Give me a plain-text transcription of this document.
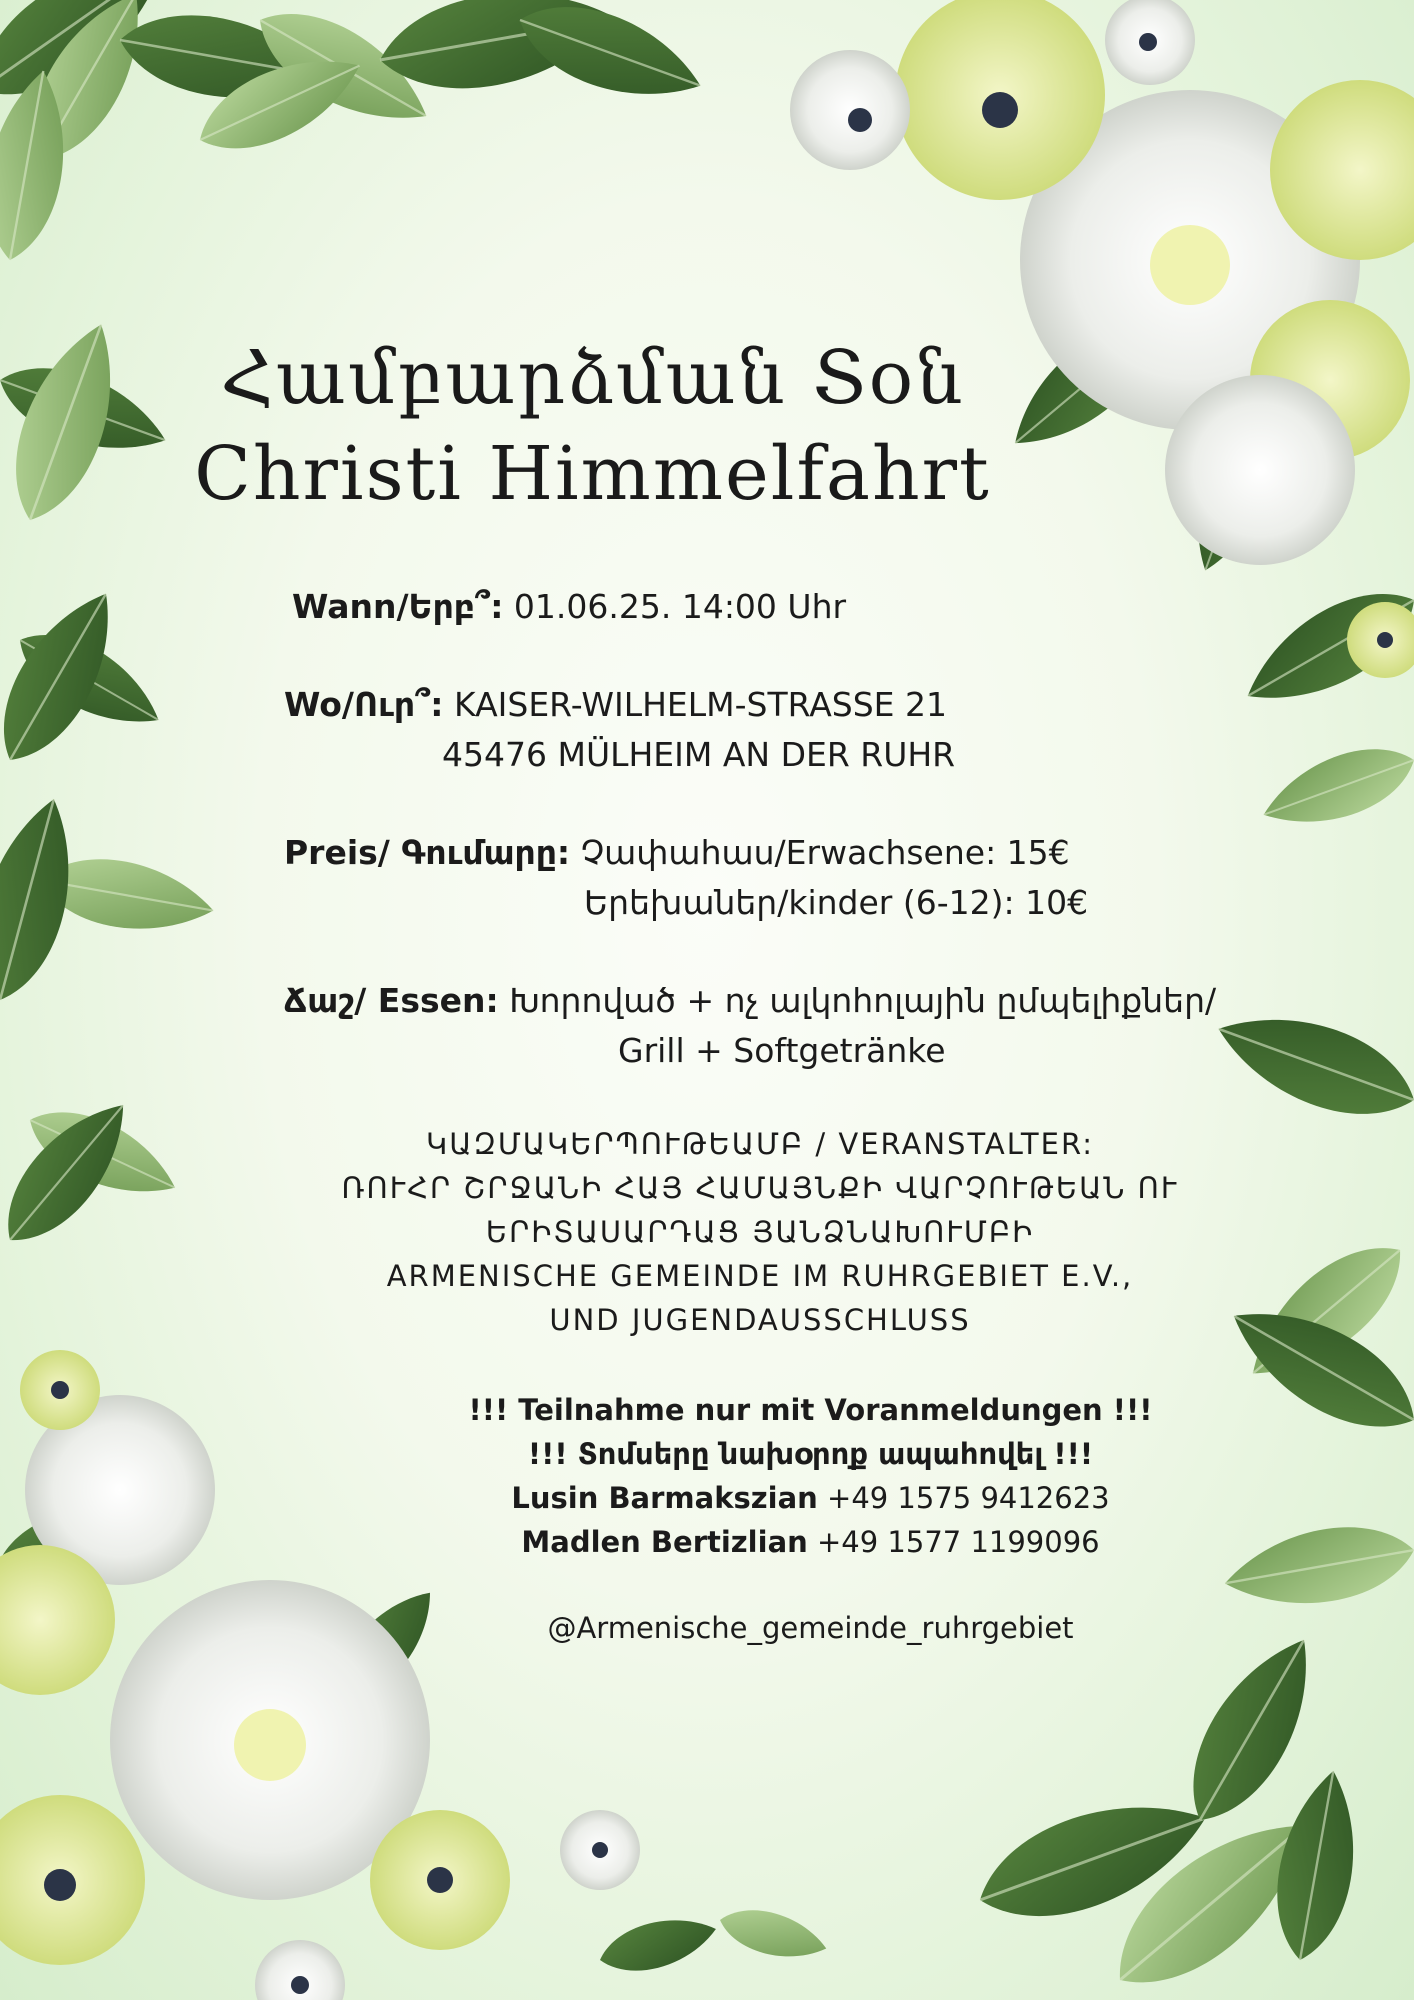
Համբարձման Տօն
Christi Himmelfahrt
Wann/Երբ՞: 01.06.25. 14:00 Uhr
Wo/Ուր՞: KAISER-WILHELM-STRASSE 21
45476 MÜLHEIM AN DER RUHR
Preis/ Գումարը: Չափահաս/Erwachsene: 15€
Երեխաներ/kinder (6-12): 10€
Ճաշ/ Essen: Խորոված + ոչ ալկոհոլային ըմպելիքներ/
Grill + Softgetränke
ԿԱԶՄԱԿԵՐՊՈՒԹԵԱՄԲ / VERANSTALTER:
ՌՈՒՀՐ ՇՐՋԱՆԻ ՀԱՅ ՀԱՄԱՅՆՔԻ ՎԱՐՉՈՒԹԵԱՆ ՈՒ
ԵՐԻՏԱՍԱՐԴԱՑ ՅԱՆՁՆԱԽՈՒՄԲԻ
ARMENISCHE GEMEINDE IM RUHRGEBIET E.V.,
UND JUGENDAUSSCHLUSS
!!! Teilnahme nur mit Voranmeldungen !!!
!!! Տոմսերը նախօրոք ապահովել !!!
Lusin Barmakszian +49 1575 9412623
Madlen Bertizlian +49 1577 1199096
@Armenische_gemeinde_ruhrgebiet
